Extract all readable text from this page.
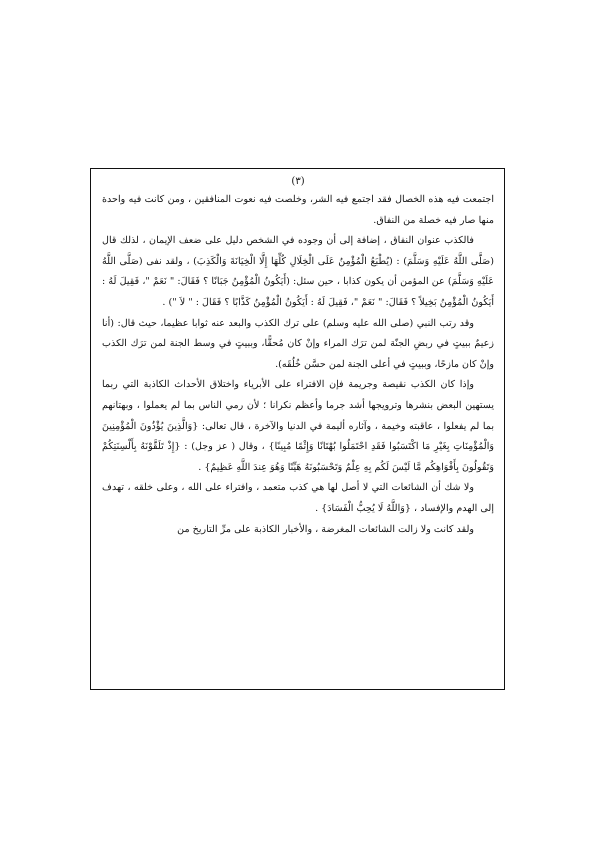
(٣)

اجتمعت فيه هذه الخصال فقد اجتمع فيه الشر، وخلصت فيه نعوت المنافقين ، ومن كانت فيه واحدة منها صار فيه خصلة من النفاق.

فالكذب عنوان النفاق ، إضافة إلى أن وجوده في الشخص دليل على ضعف الإيمان ، لذلك قال (صَلَّى اللَّهُ عَلَيْهِ وَسَلَّمَ) : (يُطْبَعُ الْمُؤْمِنُ عَلَى الْخِلَالِ كُلِّهَا إِلَّا الْخِيَانَةَ وَالْكَذِبَ) ، ولقد نفى (صَلَّى اللَّهُ عَلَيْهِ وَسَلَّمَ) عن المؤمن أن يكون كذابا ، حين سئل: (أَيَكُونُ الْمُؤْمِنُ جَبَانًا ؟ فَقَالَ: " نَعَمْ "، فَقِيلَ لَهُ : أَيَكُونُ الْمُؤْمِنُ بَخِيلاً ؟ فَقَالَ: " نَعَمْ "، فَقِيلَ لَهُ : أَيَكُونُ الْمُؤْمِنُ كَذَّابًا ؟ فَقَالَ : " لاَ ") .

وقد رتب النبي (صلى الله عليه وسلم) على ترك الكذب والبعد عنه ثوابا عظيما، حيث قال: (أنا زعيمٌ ببيتٍ في ربضِ الجنّة لمن ترَك المراء وإنْ كان مُحقًّا، وببيتٍ في وسط الجنة لمن ترَك الكذب وإنْ كان مازحًا، وببيتٍ في أعلى الجنة لمن حسَّن خُلُقَه).

وإذا كان الكذب نقيصة وجريمة فإن الافتراء على الأبرياء واختلاق الأحداث الكاذبة التي ربما يستهين البعض بنشرها وترويجها أشد جرما وأعظم نكرانا ؛ لأن رمي الناس بما لم يعملوا ، وبهتانهم بما لم يفعلوا ، عاقبته وخيمة ، وآثاره أليمة في الدنيا والآخرة ، قال تعالى: {وَالَّذِينَ يُؤْذُونَ الْمُؤْمِنِينَ وَالْمُؤْمِنَاتِ بِغَيْرِ مَا اكْتَسَبُوا فَقَدِ احْتَمَلُوا بُهْتَانًا وَإِثْمًا مُبِينًا} ، وقال ( عز وجل) : {إِذْ تَلَقَّوْنَهُ بِأَلْسِنَتِكُمْ وَتَقُولُونَ بِأَفْوَاهِكُم مَّا لَيْسَ لَكُم بِهِ عِلْمٌ وَتَحْسَبُونَهُ هَيِّنًا وَهُوَ عِندَ اللَّهِ عَظِيمٌ} .

ولا شك أن الشائعات التي لا أصل لها هي كذب متعمد ، وافتراء على الله ، وعلى خلقه ، تهدف إلى الهدم والإفساد ، {وَاللَّهُ لَا يُحِبُّ الْفَسَادَ} .

ولقد كانت ولا زالت الشائعات المغرضة ، والأخبار الكاذبة على مرِّ التاريخ من
